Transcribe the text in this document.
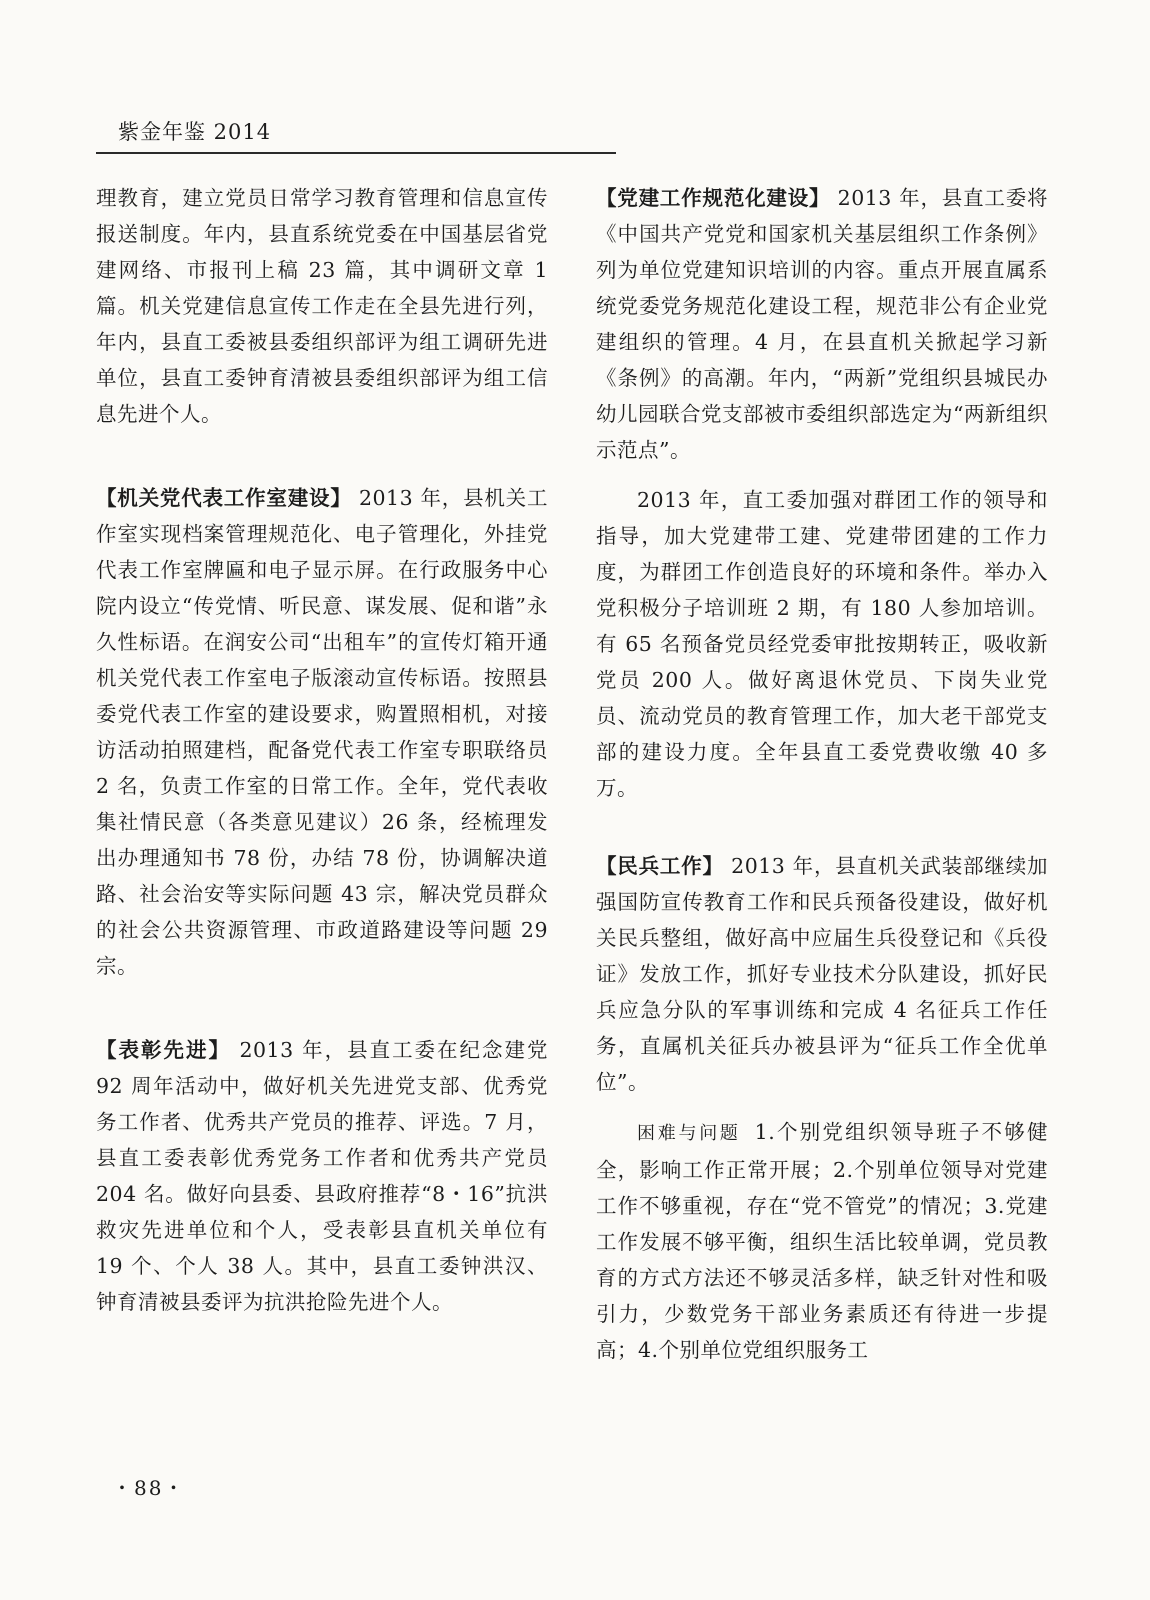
紫金年鉴 2014

理教育，建立党员日常学习教育管理和信息宣传报送制度。年内，县直系统党委在中国基层省党建网络、市报刊上稿 23 篇，其中调研文章 1 篇。机关党建信息宣传工作走在全县先进行列，年内，县直工委被县委组织部评为组工调研先进单位，县直工委钟育清被县委组织部评为组工信息先进个人。

【机关党代表工作室建设】 2013 年，县机关工作室实现档案管理规范化、电子管理化，外挂党代表工作室牌匾和电子显示屏。在行政服务中心院内设立“传党情、听民意、谋发展、促和谐”永久性标语。在润安公司“出租车”的宣传灯箱开通机关党代表工作室电子版滚动宣传标语。按照县委党代表工作室的建设要求，购置照相机，对接访活动拍照建档，配备党代表工作室专职联络员 2 名，负责工作室的日常工作。全年，党代表收集社情民意（各类意见建议）26 条，经梳理发出办理通知书 78 份，办结 78 份，协调解决道路、社会治安等实际问题 43 宗，解决党员群众的社会公共资源管理、市政道路建设等问题 29 宗。

【表彰先进】 2013 年，县直工委在纪念建党 92 周年活动中，做好机关先进党支部、优秀党务工作者、优秀共产党员的推荐、评选。7 月，县直工委表彰优秀党务工作者和优秀共产党员 204 名。做好向县委、县政府推荐“8・16”抗洪救灾先进单位和个人，受表彰县直机关单位有 19 个、个人 38 人。其中，县直工委钟洪汉、钟育清被县委评为抗洪抢险先进个人。

【党建工作规范化建设】 2013 年，县直工委将《中国共产党党和国家机关基层组织工作条例》列为单位党建知识培训的内容。重点开展直属系统党委党务规范化建设工程，规范非公有企业党建组织的管理。4 月，在县直机关掀起学习新《条例》的高潮。年内，“两新”党组织县城民办幼儿园联合党支部被市委组织部选定为“两新组织示范点”。

2013 年，直工委加强对群团工作的领导和指导，加大党建带工建、党建带团建的工作力度，为群团工作创造良好的环境和条件。举办入党积极分子培训班 2 期，有 180 人参加培训。有 65 名预备党员经党委审批按期转正，吸收新党员 200 人。做好离退休党员、下岗失业党员、流动党员的教育管理工作，加大老干部党支部的建设力度。全年县直工委党费收缴 40 多万。

【民兵工作】 2013 年，县直机关武装部继续加强国防宣传教育工作和民兵预备役建设，做好机关民兵整组，做好高中应届生兵役登记和《兵役证》发放工作，抓好专业技术分队建设，抓好民兵应急分队的军事训练和完成 4 名征兵工作任务，直属机关征兵办被县评为“征兵工作全优单位”。

困难与问题 1.个别党组织领导班子不够健全，影响工作正常开展；2.个别单位领导对党建工作不够重视，存在“党不管党”的情况；3.党建工作发展不够平衡，组织生活比较单调，党员教育的方式方法还不够灵活多样，缺乏针对性和吸引力，少数党务干部业务素质还有待进一步提高；4.个别单位党组织服务工

・88・
